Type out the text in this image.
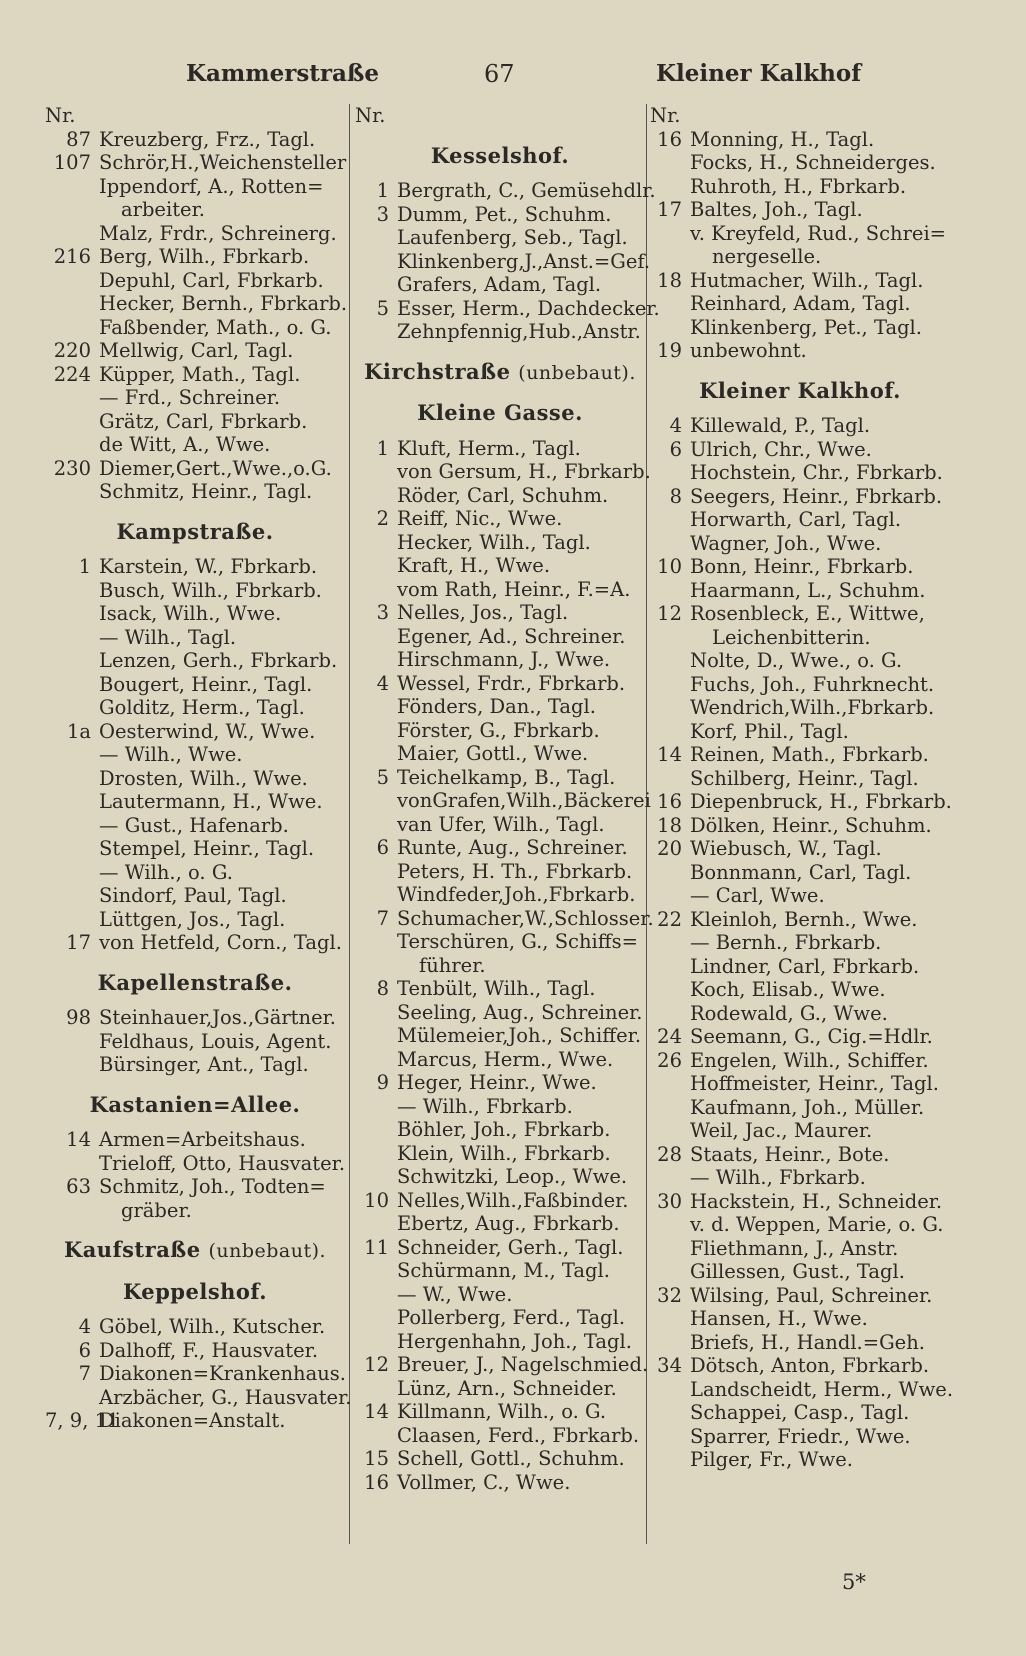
Kammerstraße	67	Kleiner Kalkhof
Nr.
87 Kreuzberg, Frz., Tagl.
107 Schrör,H.,Weichensteller
Ippendorf, A., Rotten=
arbeiter.
Malz, Frdr., Schreinerg.
216 Berg, Wilh., Fbrkarb.
Depuhl, Carl, Fbrkarb.
Hecker, Bernh., Fbrkarb.
Faßbender, Math., o. G.
220 Mellwig, Carl, Tagl.
224 Küpper, Math., Tagl.
— Frd., Schreiner.
Grätz, Carl, Fbrkarb.
de Witt, A., Wwe.
230 Diemer,Gert.,Wwe.,o.G.
Schmitz, Heinr., Tagl.
Kampstraße.
1 Karstein, W., Fbrkarb.
Busch, Wilh., Fbrkarb.
Isack, Wilh., Wwe.
— Wilh., Tagl.
Lenzen, Gerh., Fbrkarb.
Bougert, Heinr., Tagl.
Golditz, Herm., Tagl.
1a Oesterwind, W., Wwe.
— Wilh., Wwe.
Drosten, Wilh., Wwe.
Lautermann, H., Wwe.
— Gust., Hafenarb.
Stempel, Heinr., Tagl.
— Wilh., o. G.
Sindorf, Paul, Tagl.
Lüttgen, Jos., Tagl.
17 von Hetfeld, Corn., Tagl.
Kapellenstraße.
98 Steinhauer,Jos.,Gärtner.
Feldhaus, Louis, Agent.
Bürsinger, Ant., Tagl.
Kastanien=Allee.
14 Armen=Arbeitshaus.
Trieloff, Otto, Hausvater.
63 Schmitz, Joh., Todten=
gräber.
Kaufstraße (unbebaut).
Keppelshof.
4 Göbel, Wilh., Kutscher.
6 Dalhoff, F., Hausvater.
7 Diakonen=Krankenhaus.
Arzbächer, G., Hausvater.
7, 9, 11
Diakonen=Anstalt.
Nr.
Kesselshof.
1 Bergrath, C., Gemüsehdlr.
3 Dumm, Pet., Schuhm.
Laufenberg, Seb., Tagl.
Klinkenberg,J.,Anst.=Gef.
Grafers, Adam, Tagl.
5 Esser, Herm., Dachdecker.
Zehnpfennig,Hub.,Anstr.
Kirchstraße (unbebaut).
Kleine Gasse.
1 Kluft, Herm., Tagl.
von Gersum, H., Fbrkarb.
Röder, Carl, Schuhm.
2 Reiff, Nic., Wwe.
Hecker, Wilh., Tagl.
Kraft, H., Wwe.
vom Rath, Heinr., F.=A.
3 Nelles, Jos., Tagl.
Egener, Ad., Schreiner.
Hirschmann, J., Wwe.
4 Wessel, Frdr., Fbrkarb.
Fönders, Dan., Tagl.
Förster, G., Fbrkarb.
Maier, Gottl., Wwe.
5 Teichelkamp, B., Tagl.
vonGrafen,Wilh.,Bäckerei
van Ufer, Wilh., Tagl.
6 Runte, Aug., Schreiner.
Peters, H. Th., Fbrkarb.
Windfeder,Joh.,Fbrkarb.
7 Schumacher,W.,Schlosser.
Terschüren, G., Schiffs=
führer.
8 Tenbült, Wilh., Tagl.
Seeling, Aug., Schreiner.
Mülemeier,Joh., Schiffer.
Marcus, Herm., Wwe.
9 Heger, Heinr., Wwe.
— Wilh., Fbrkarb.
Böhler, Joh., Fbrkarb.
Klein, Wilh., Fbrkarb.
Schwitzki, Leop., Wwe.
10 Nelles,Wilh.,Faßbinder.
Ebertz, Aug., Fbrkarb.
11 Schneider, Gerh., Tagl.
Schürmann, M., Tagl.
— W., Wwe.
Pollerberg, Ferd., Tagl.
Hergenhahn, Joh., Tagl.
12 Breuer, J., Nagelschmied.
Lünz, Arn., Schneider.
14 Killmann, Wilh., o. G.
Claasen, Ferd., Fbrkarb.
15 Schell, Gottl., Schuhm.
16 Vollmer, C., Wwe.
Nr.
16 Monning, H., Tagl.
Focks, H., Schneiderges.
Ruhroth, H., Fbrkarb.
17 Baltes, Joh., Tagl.
v. Kreyfeld, Rud., Schrei=
nergeselle.
18 Hutmacher, Wilh., Tagl.
Reinhard, Adam, Tagl.
Klinkenberg, Pet., Tagl.
19 unbewohnt.
Kleiner Kalkhof.
4 Killewald, P., Tagl.
6 Ulrich, Chr., Wwe.
Hochstein, Chr., Fbrkarb.
8 Seegers, Heinr., Fbrkarb.
Horwarth, Carl, Tagl.
Wagner, Joh., Wwe.
10 Bonn, Heinr., Fbrkarb.
Haarmann, L., Schuhm.
12 Rosenbleck, E., Wittwe,
Leichenbitterin.
Nolte, D., Wwe., o. G.
Fuchs, Joh., Fuhrknecht.
Wendrich,Wilh.,Fbrkarb.
Korf, Phil., Tagl.
14 Reinen, Math., Fbrkarb.
Schilberg, Heinr., Tagl.
16 Diepenbruck, H., Fbrkarb.
18 Dölken, Heinr., Schuhm.
20 Wiebusch, W., Tagl.
Bonnmann, Carl, Tagl.
— Carl, Wwe.
22 Kleinloh, Bernh., Wwe.
— Bernh., Fbrkarb.
Lindner, Carl, Fbrkarb.
Koch, Elisab., Wwe.
Rodewald, G., Wwe.
24 Seemann, G., Cig.=Hdlr.
26 Engelen, Wilh., Schiffer.
Hoffmeister, Heinr., Tagl.
Kaufmann, Joh., Müller.
Weil, Jac., Maurer.
28 Staats, Heinr., Bote.
— Wilh., Fbrkarb.
30 Hackstein, H., Schneider.
v. d. Weppen, Marie, o. G.
Fliethmann, J., Anstr.
Gillessen, Gust., Tagl.
32 Wilsing, Paul, Schreiner.
Hansen, H., Wwe.
Briefs, H., Handl.=Geh.
34 Dötsch, Anton, Fbrkarb.
Landscheidt, Herm., Wwe.
Schappei, Casp., Tagl.
Sparrer, Friedr., Wwe.
Pilger, Fr., Wwe.
5*
